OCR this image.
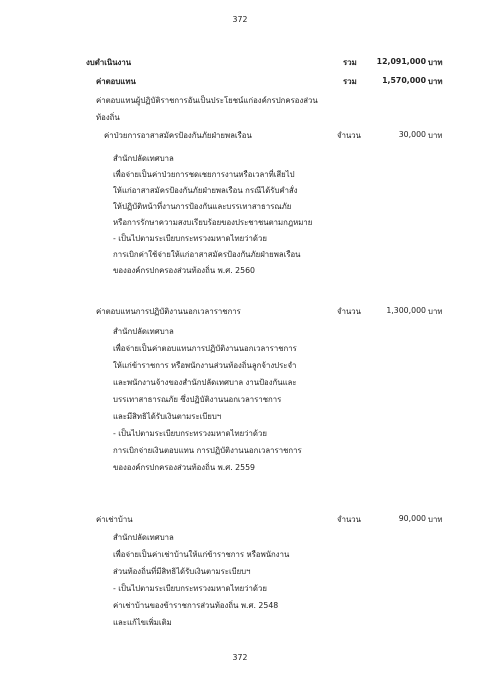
372
372
งบดำเนินงาน	รวม	12,091,000 บาท
ค่าตอบแทน	รวม	1,570,000 บาท
ค่าตอบแทนผู้ปฏิบัติราชการอันเป็นประโยชน์แก่องค์กรปกครองส่วน
ท้องถิ่น
ค่าป่วยการอาสาสมัครป้องกันภัยฝ่ายพลเรือน	จำนวน	30,000 บาท
สำนักปลัดเทศบาล
เพื่อจ่ายเป็นค่าป่วยการชดเชยการงานหรือเวลาที่เสียไป
ให้แก่อาสาสมัครป้องกันภัยฝ่ายพลเรือน กรณีได้รับคำสั่ง
ให้ปฏิบัติหน้าที่งานการป้องกันและบรรเทาสาธารณภัย
หรือการรักษาความสงบเรียบร้อยของประชาชนตามกฎหมาย
- เป็นไปตามระเบียบกระทรวงมหาดไทยว่าด้วย
การเบิกค่าใช้จ่ายให้แก่อาสาสมัครป้องกันภัยฝ่ายพลเรือน
ขององค์กรปกครองส่วนท้องถิ่น พ.ศ. 2560
ค่าตอบแทนการปฏิบัติงานนอกเวลาราชการ	จำนวน	1,300,000 บาท
สำนักปลัดเทศบาล
เพื่อจ่ายเป็นค่าตอบแทนการปฏิบัติงานนอกเวลาราชการ
ให้แก่ข้าราชการ หรือพนักงานส่วนท้องถิ่นลูกจ้างประจำ
และพนักงานจ้างของสำนักปลัดเทศบาล งานป้องกันและ
บรรเทาสาธารณภัย ซึ่งปฏิบัติงานนอกเวลาราชการ
และมีสิทธิได้รับเงินตามระเบียบฯ
- เป็นไปตามระเบียบกระทรวงมหาดไทยว่าด้วย
การเบิกจ่ายเงินตอบแทน การปฏิบัติงานนอกเวลาราชการ
ขององค์กรปกครองส่วนท้องถิ่น พ.ศ. 2559
ค่าเช่าบ้าน	จำนวน	90,000 บาท
สำนักปลัดเทศบาล
เพื่อจ่ายเป็นค่าเช่าบ้านให้แก่ข้าราชการ หรือพนักงาน
ส่วนท้องถิ่นที่มีสิทธิได้รับเงินตามระเบียบฯ
- เป็นไปตามระเบียบกระทรวงมหาดไทยว่าด้วย
ค่าเช่าบ้านของข้าราชการส่วนท้องถิ่น พ.ศ. 2548
และแก้ไขเพิ่มเติม
